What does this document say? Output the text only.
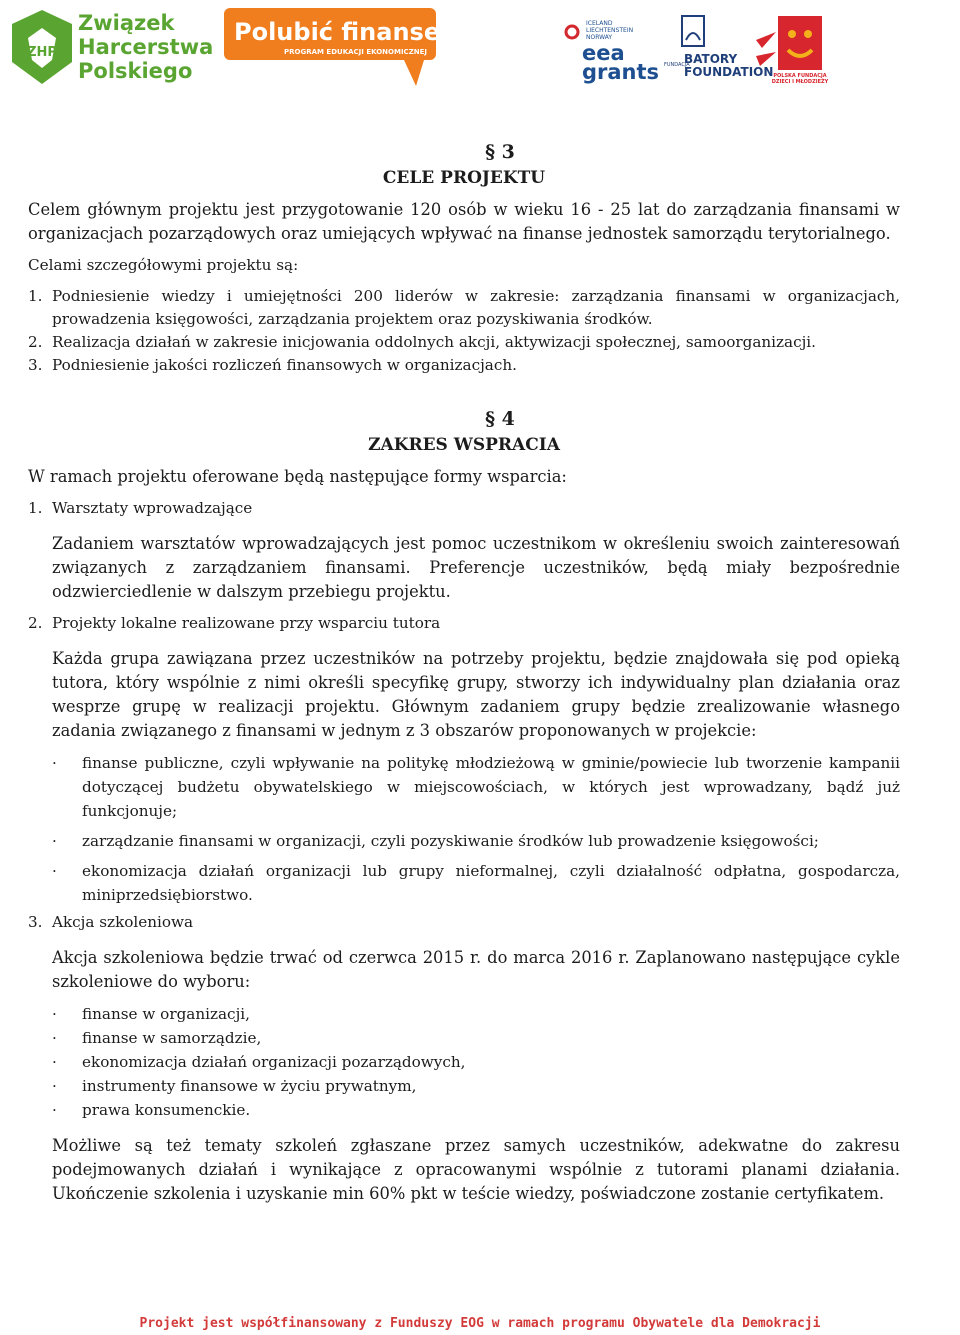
ZHP
Związek
Harcerstwa
Polskiego
Polubić finanse
PROGRAM EDUKACJI EKONOMICZNEJ
ICELAND
LIECHTENSTEIN
NORWAY
eea
grants FUNDACJA
BATORY
FOUNDATION POLSKA FUNDACJA
DZIECI I MŁODZIEŻY
§ 3
CELE PROJEKTU

Celem głównym projektu jest przygotowanie 120 osób w wieku 16 - 25 lat do zarządzania finansami w organizacjach pozarządowych oraz umiejących wpływać na finanse jednostek samorządu terytorialnego.

Celami szczegółowymi projektu są:
1. Podniesienie wiedzy i umiejętności 200 liderów w zakresie: zarządzania finansami w organizacjach, prowadzenia księgowości, zarządzania projektem oraz pozyskiwania środków.
2. Realizacja działań w zakresie inicjowania oddolnych akcji, aktywizacji społecznej, samoorganizacji.
3. Podniesienie jakości rozliczeń finansowych w organizacjach.
§ 4
ZAKRES WSPRACIA

W ramach projektu oferowane będą następujące formy wsparcia:

1. Warsztaty wprowadzające

Zadaniem warsztatów wprowadzających jest pomoc uczestnikom w określeniu swoich zainteresowań związanych z zarządzaniem finansami. Preferencje uczestników, będą miały bezpośrednie odzwierciedlenie w dalszym przebiegu projektu.

2. Projekty lokalne realizowane przy wsparciu tutora

Każda grupa zawiązana przez uczestników na potrzeby projektu, będzie znajdowała się pod opieką tutora, który wspólnie z nimi określi specyfikę grupy, stworzy ich indywidualny plan działania oraz wesprze grupę w realizacji projektu. Głównym zadaniem grupy będzie zrealizowanie własnego zadania związanego z finansami w jednym z 3 obszarów proponowanych w projekcie:

·	finanse publiczne, czyli wpływanie na politykę młodzieżową w gminie/powiecie lub tworzenie kampanii dotyczącej budżetu obywatelskiego w miejscowościach, w których jest wprowadzany, bądź już funkcjonuje;
·	zarządzanie finansami w organizacji, czyli pozyskiwanie środków lub prowadzenie księgowości;
·	ekonomizacja działań organizacji lub grupy nieformalnej, czyli działalność odpłatna, gospodarcza, miniprzedsiębiorstwo.
3. Akcja szkoleniowa

Akcja szkoleniowa będzie trwać od czerwca 2015 r. do marca 2016 r. Zaplanowano następujące cykle szkoleniowe do wyboru:

·	finanse w organizacji,
·	finanse w samorządzie,
·	ekonomizacja działań organizacji pozarządowych,
·	instrumenty finansowe w życiu prywatnym,
·	prawa konsumenckie.

Możliwe są też tematy szkoleń zgłaszane przez samych uczestników, adekwatne do zakresu podejmowanych działań i wynikające z opracowanymi wspólnie z tutorami planami działania. Ukończenie szkolenia i uzyskanie min 60% pkt w teście wiedzy, poświadczone zostanie certyfikatem.

Projekt jest współfinansowany z Funduszy EOG w ramach programu Obywatele dla Demokracji
